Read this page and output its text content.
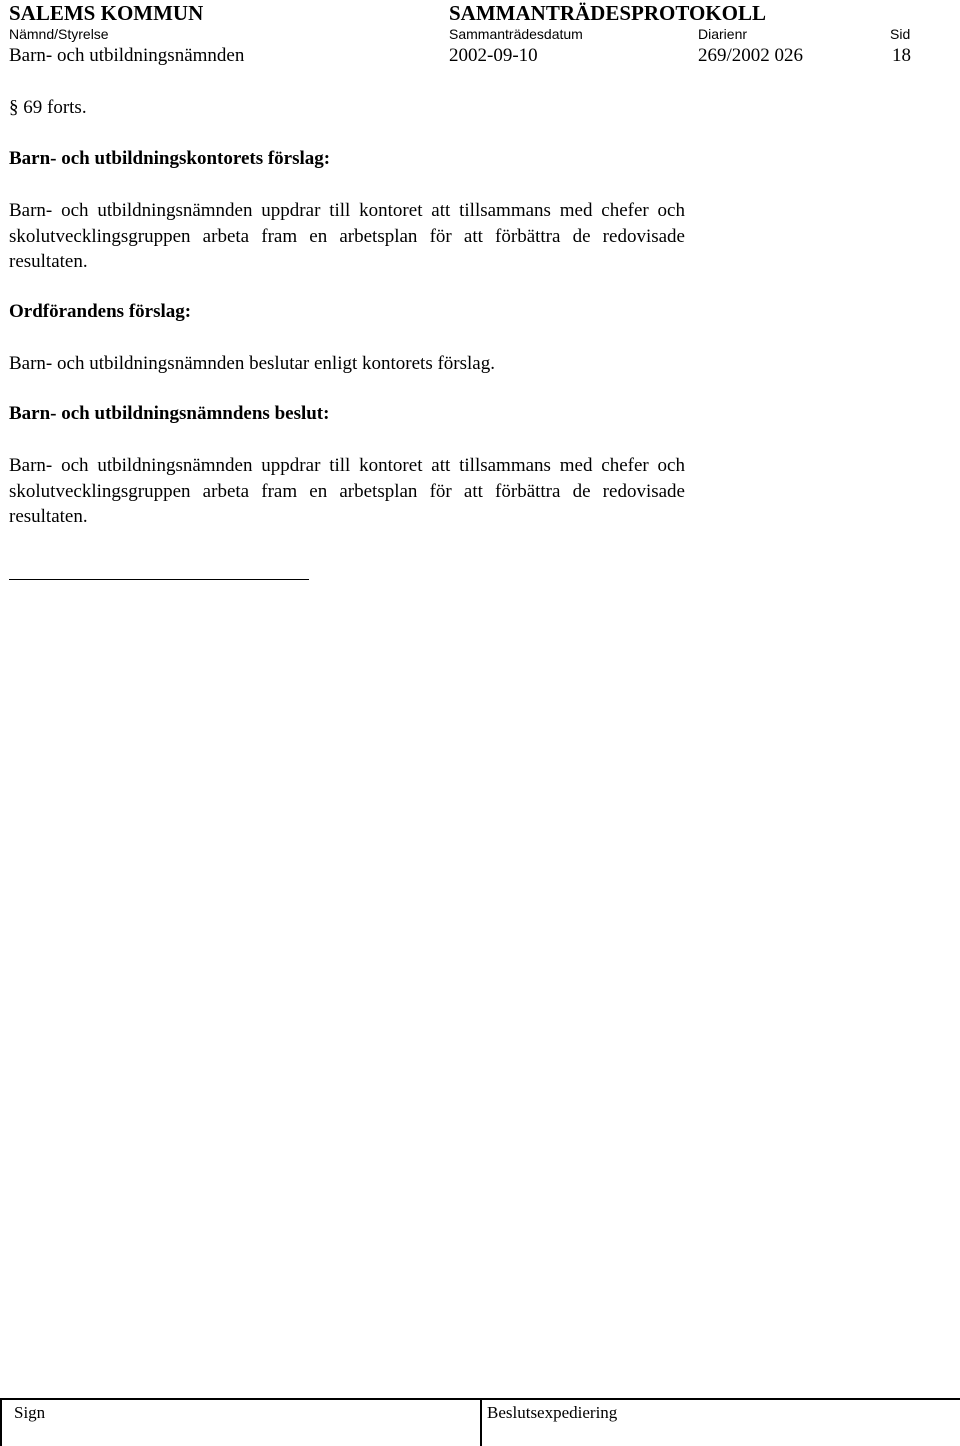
SALEMS KOMMUN	SAMMANTRÄDESPROTOKOLL
Nämnd/Styrelse	Sammanträdesdatum	Diarienr	Sid
Barn- och utbildningsnämnden	2002-09-10	269/2002 026	18
§ 69 forts.
Barn- och utbildningskontorets förslag:

Barn- och utbildningsnämnden uppdrar till kontoret att tillsammans med chefer och skolutvecklingsgruppen arbeta fram en arbetsplan för att förbättra de redovisade resultaten.

Ordförandens förslag:

Barn- och utbildningsnämnden beslutar enligt kontorets förslag.

Barn- och utbildningsnämndens beslut:

Barn- och utbildningsnämnden uppdrar till kontoret att tillsammans med chefer och skolutvecklingsgruppen arbeta fram en arbetsplan för att förbättra de redovisade resultaten.

Sign	Beslutsexpediering
